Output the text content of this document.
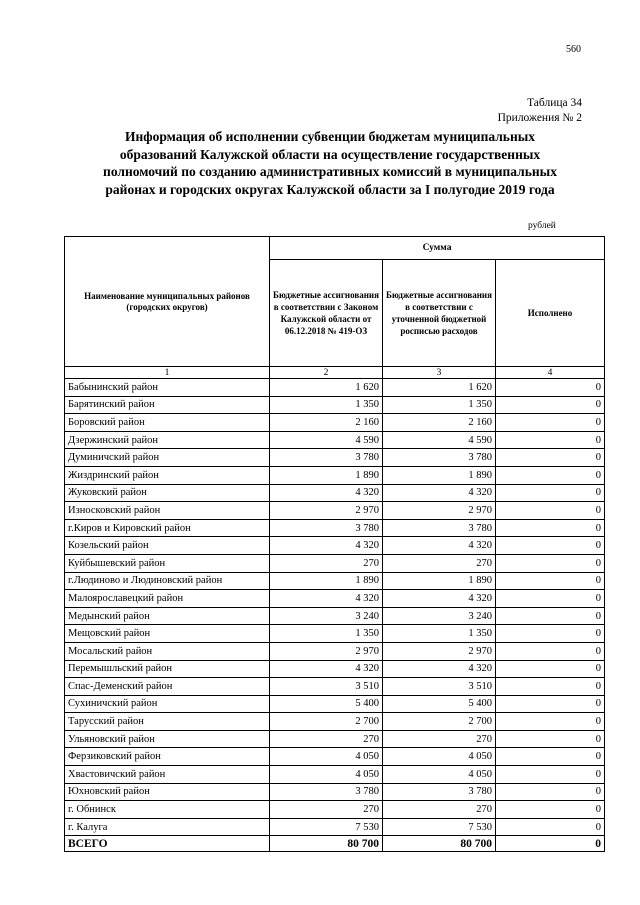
560
Таблица 34
Приложения № 2
Информация об исполнении субвенции бюджетам муниципальных образований Калужской области на осуществление государственных полномочий по созданию административных комиссий в муниципальных районах и городских округах Калужской области за I полугодие 2019 года
рублей
Наименование муниципальных районов (городских округов)	Сумма		
	Бюджетные ассигнования в соответствии с Законом Калужской области от 06.12.2018 № 419-ОЗ	Бюджетные ассигнования в соответствии с уточненной бюджетной росписью расходов	Исполнено
1	2	3	4
Бабынинский район	1 620	1 620	0
Барятинский район	1 350	1 350	0
Боровский район	2 160	2 160	0
Дзержинский район	4 590	4 590	0
Думиничский район	3 780	3 780	0
Жиздринский район	1 890	1 890	0
Жуковский район	4 320	4 320	0
Износковский район	2 970	2 970	0
г.Киров и Кировский район	3 780	3 780	0
Козельский район	4 320	4 320	0
Куйбышевский район	270	270	0
г.Людиново и Людиновский район	1 890	1 890	0
Малоярославецкий район	4 320	4 320	0
Медынский район	3 240	3 240	0
Мещовский район	1 350	1 350	0
Мосальский район	2 970	2 970	0
Перемышльский район	4 320	4 320	0
Спас-Деменский район	3 510	3 510	0
Сухиничский район	5 400	5 400	0
Тарусский район	2 700	2 700	0
Ульяновский район	270	270	0
Ферзиковский район	4 050	4 050	0
Хвастовичский район	4 050	4 050	0
Юхновский район	3 780	3 780	0
г. Обнинск	270	270	0
г. Калуга	7 530	7 530	0
ВСЕГО	80 700	80 700	0
